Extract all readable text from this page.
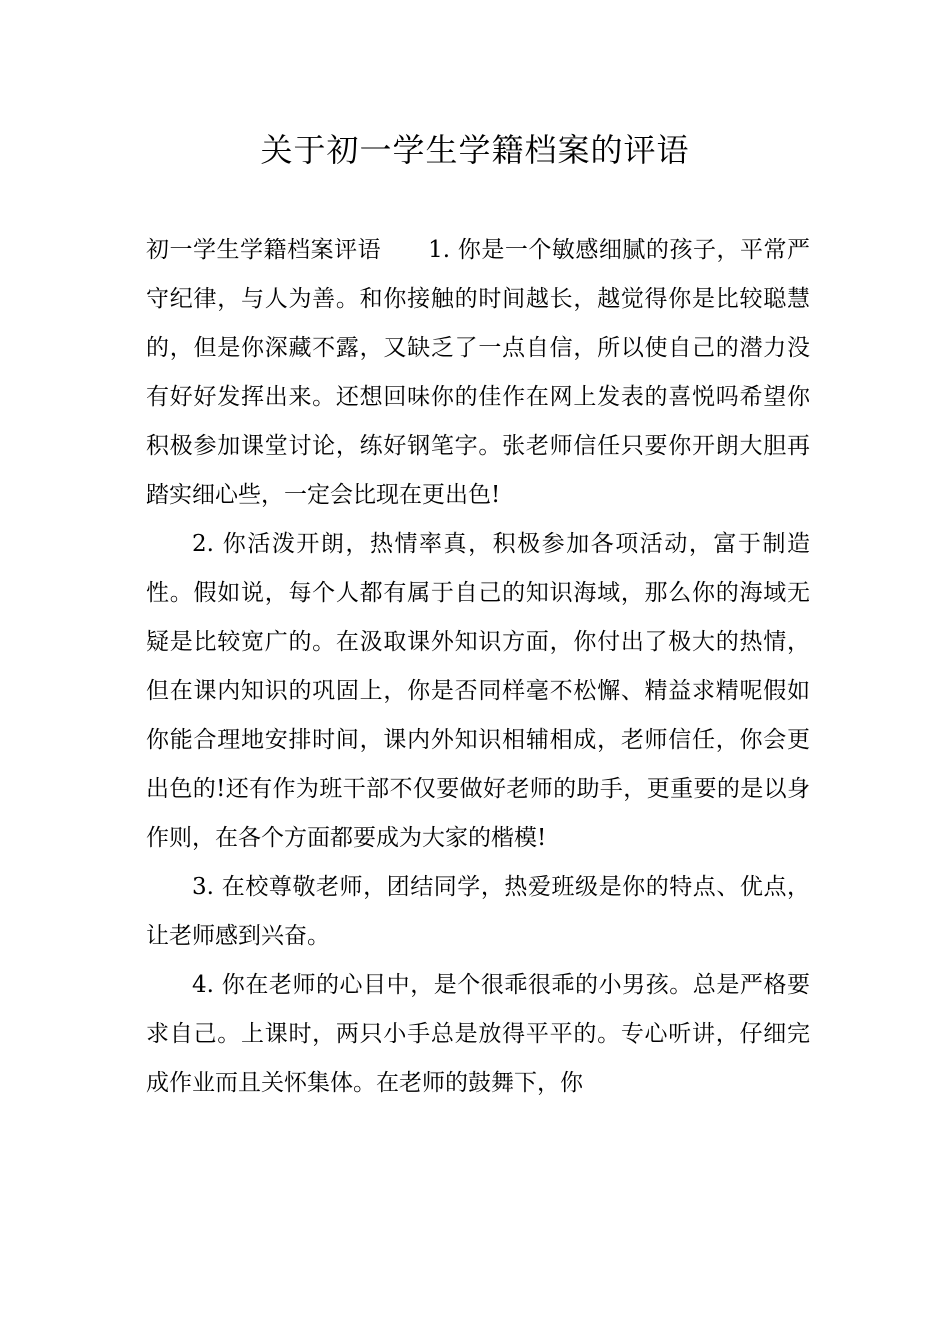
关于初一学生学籍档案的评语

初一学生学籍档案评语　　1. 你是一个敏感细腻的孩子，平常严守纪律，与人为善。和你接触的时间越长，越觉得你是比较聪慧的，但是你深藏不露，又缺乏了一点自信，所以使自己的潜力没有好好发挥出来。还想回味你的佳作在网上发表的喜悦吗希望你积极参加课堂讨论，练好钢笔字。张老师信任只要你开朗大胆再踏实细心些，一定会比现在更出色!

2. 你活泼开朗，热情率真，积极参加各项活动，富于制造性。假如说，每个人都有属于自己的知识海域，那么你的海域无疑是比较宽广的。在汲取课外知识方面，你付出了极大的热情，但在课内知识的巩固上，你是否同样毫不松懈、精益求精呢假如你能合理地安排时间，课内外知识相辅相成，老师信任，你会更出色的!还有作为班干部不仅要做好老师的助手，更重要的是以身作则，在各个方面都要成为大家的楷模!

3. 在校尊敬老师，团结同学，热爱班级是你的特点、优点，让老师感到兴奋。

4. 你在老师的心目中，是个很乖很乖的小男孩。总是严格要求自己。上课时，两只小手总是放得平平的。专心听讲，仔细完成作业而且关怀集体。在老师的鼓舞下，你
